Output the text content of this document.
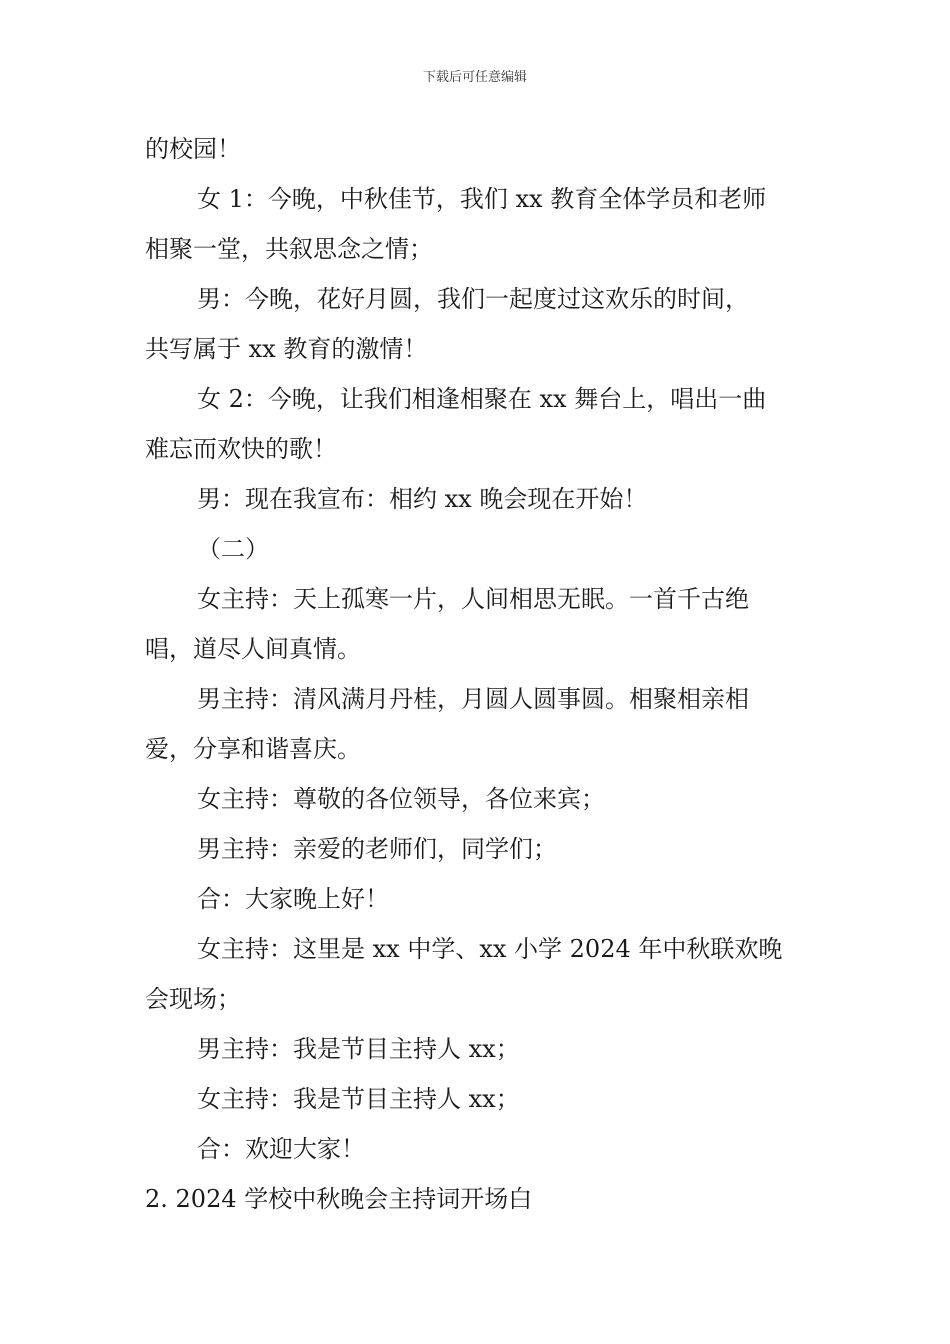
下载后可任意编辑
的校园！
女 1：今晚，中秋佳节，我们 xx 教育全体学员和老师
相聚一堂，共叙思念之情；
男：今晚，花好月圆，我们一起度过这欢乐的时间，
共写属于 xx 教育的激情！
女 2：今晚，让我们相逢相聚在 xx 舞台上，唱出一曲
难忘而欢快的歌！
男：现在我宣布：相约 xx 晚会现在开始！
（二）
女主持：天上孤寒一片，人间相思无眠。一首千古绝
唱，道尽人间真情。
男主持：清风满月丹桂，月圆人圆事圆。相聚相亲相
爱，分享和谐喜庆。
女主持：尊敬的各位领导，各位来宾；
男主持：亲爱的老师们，同学们；
合：大家晚上好！
女主持：这里是 xx 中学、xx 小学 2024 年中秋联欢晚
会现场；
男主持：我是节目主持人 xx；
女主持：我是节目主持人 xx；
合：欢迎大家！
2. 2024 学校中秋晚会主持词开场白
